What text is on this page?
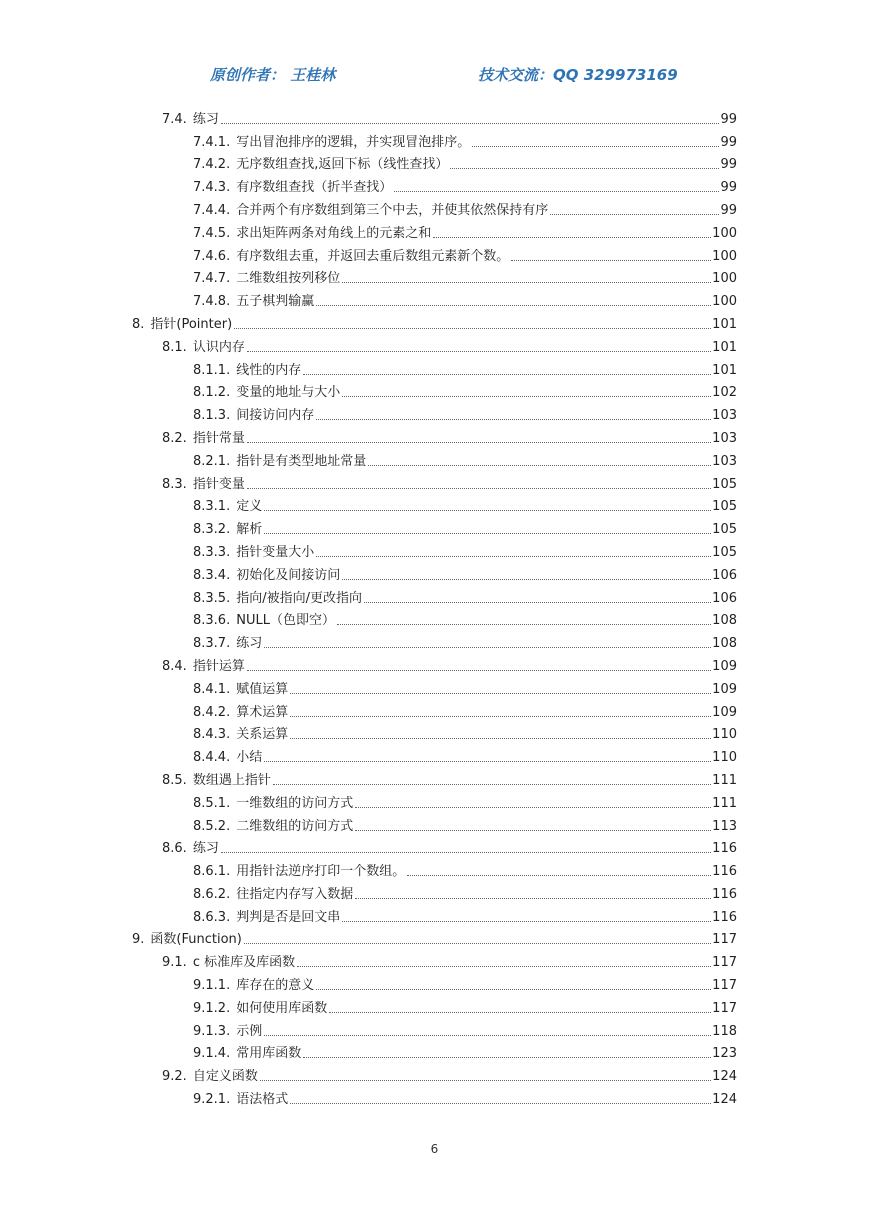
原创作者： 王桂林	技术交流：QQ 329973169
7.4. 练习	99
7.4.1. 写出冒泡排序的逻辑，并实现冒泡排序。	99
7.4.2. 无序数组查找,返回下标（线性查找）	99
7.4.3. 有序数组查找（折半查找）	99
7.4.4. 合并两个有序数组到第三个中去，并使其依然保持有序	99
7.4.5. 求出矩阵两条对角线上的元素之和	100
7.4.6. 有序数组去重，并返回去重后数组元素新个数。	100
7.4.7. 二维数组按列移位	100
7.4.8. 五子棋判输赢	100
8. 指针(Pointer)	101
8.1. 认识内存	101
8.1.1. 线性的内存	101
8.1.2. 变量的地址与大小	102
8.1.3. 间接访问内存	103
8.2. 指针常量	103
8.2.1. 指针是有类型地址常量	103
8.3. 指针变量	105
8.3.1. 定义	105
8.3.2. 解析	105
8.3.3. 指针变量大小	105
8.3.4. 初始化及间接访问	106
8.3.5. 指向/被指向/更改指向	106
8.3.6. NULL（色即空）	108
8.3.7. 练习	108
8.4. 指针运算	109
8.4.1. 赋值运算	109
8.4.2. 算术运算	109
8.4.3. 关系运算	110
8.4.4. 小结	110
8.5. 数组遇上指针	111
8.5.1. 一维数组的访问方式	111
8.5.2. 二维数组的访问方式	113
8.6. 练习	116
8.6.1. 用指针法逆序打印一个数组。	116
8.6.2. 往指定内存写入数据	116
8.6.3. 判判是否是回文串	116
9. 函数(Function)	117
9.1. c 标准库及库函数	117
9.1.1. 库存在的意义	117
9.1.2. 如何使用库函数	117
9.1.3. 示例	118
9.1.4. 常用库函数	123
9.2. 自定义函数	124
9.2.1. 语法格式	124
6
